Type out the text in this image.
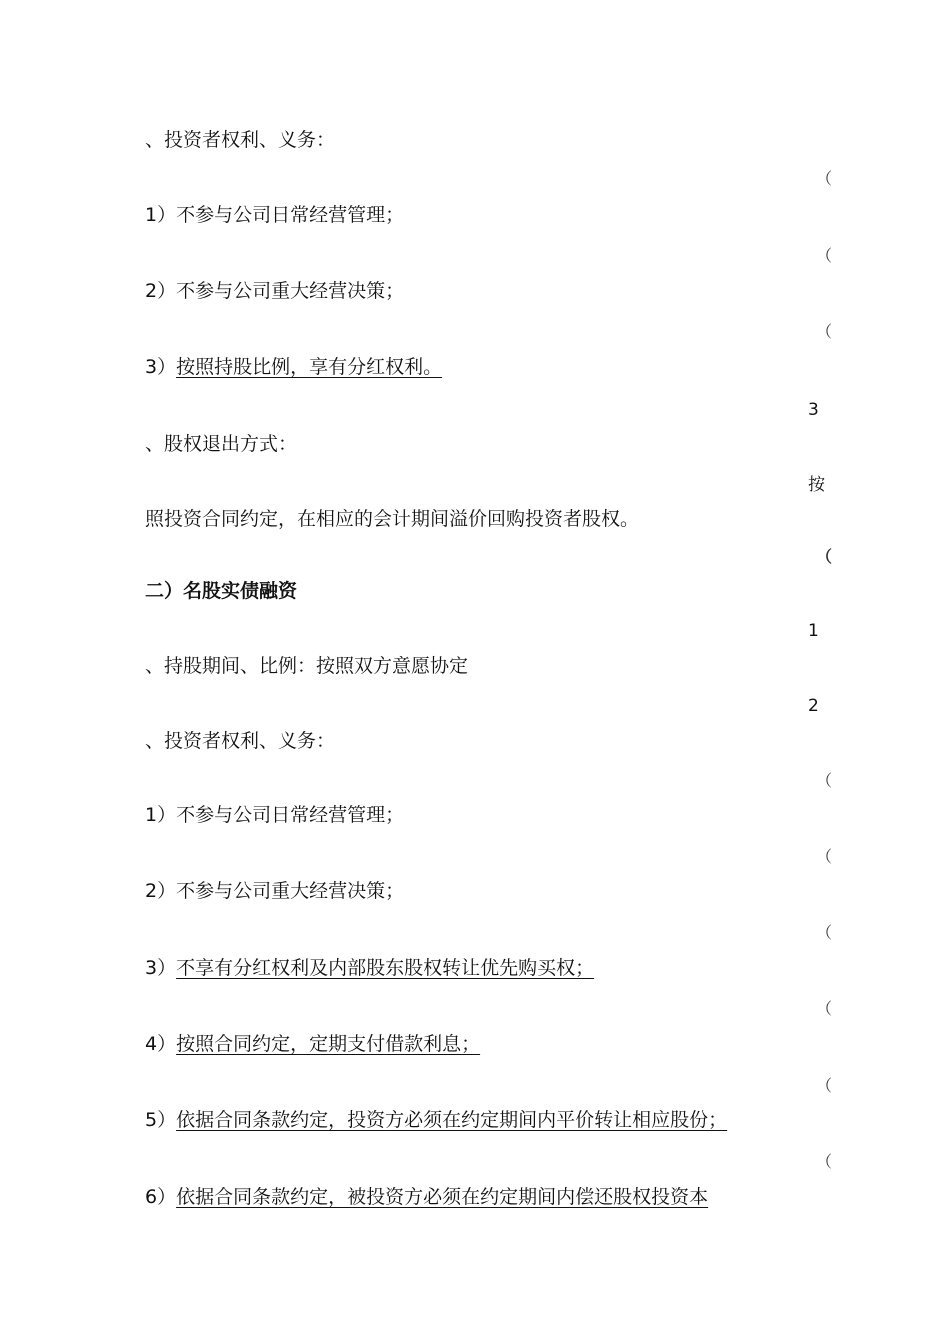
、投资者权利、义务：
1）不参与公司日常经营管理；
2）不参与公司重大经营决策；
3）按照持股比例，享有分红权利。
、股权退出方式：
照投资合同约定，在相应的会计期间溢价回购投资者股权。
二）名股实债融资
、持股期间、比例：按照双方意愿协定
、投资者权利、义务：
1）不参与公司日常经营管理；
2）不参与公司重大经营决策；
3）不享有分红权利及内部股东股权转让优先购买权；
4）按照合同约定，定期支付借款利息；
5）依据合同条款约定，投资方必须在约定期间内平价转让相应股份；
6）依据合同条款约定，被投资方必须在约定期间内偿还股权投资本
（
（
（
3
按
（
1
2
（
（
（
（
（
（
